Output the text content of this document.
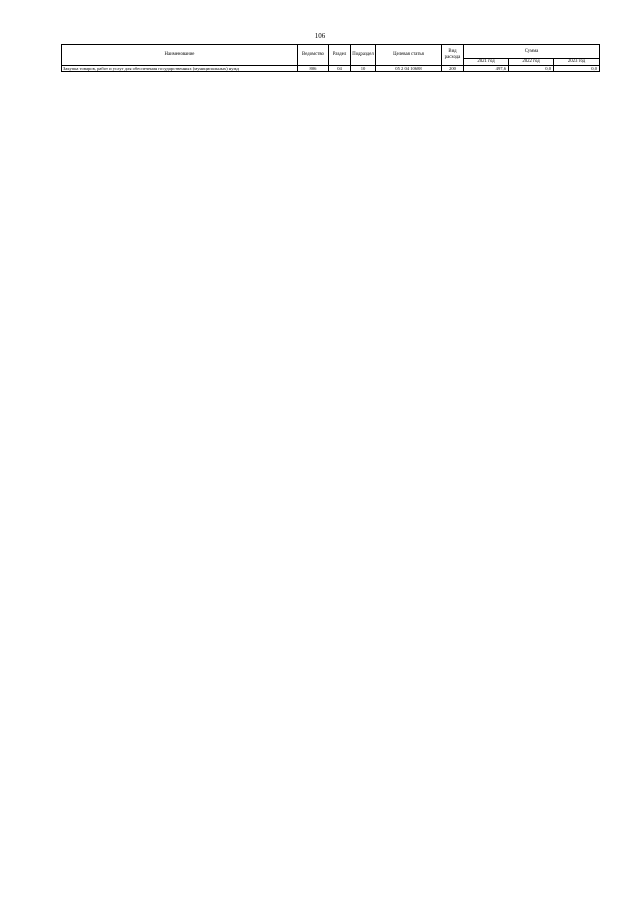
106
Наименование	Ведомство	Раздел	Подраздел	Целевая статья	Вид расхода	Сумма		
						2021 год	2022 год	2023 год
Закупка товаров, работ и услуг для обеспечения государственных (муниципальных) нужд	806	04	10	05 2 04 10688	200	497,6	0,0	0,0
